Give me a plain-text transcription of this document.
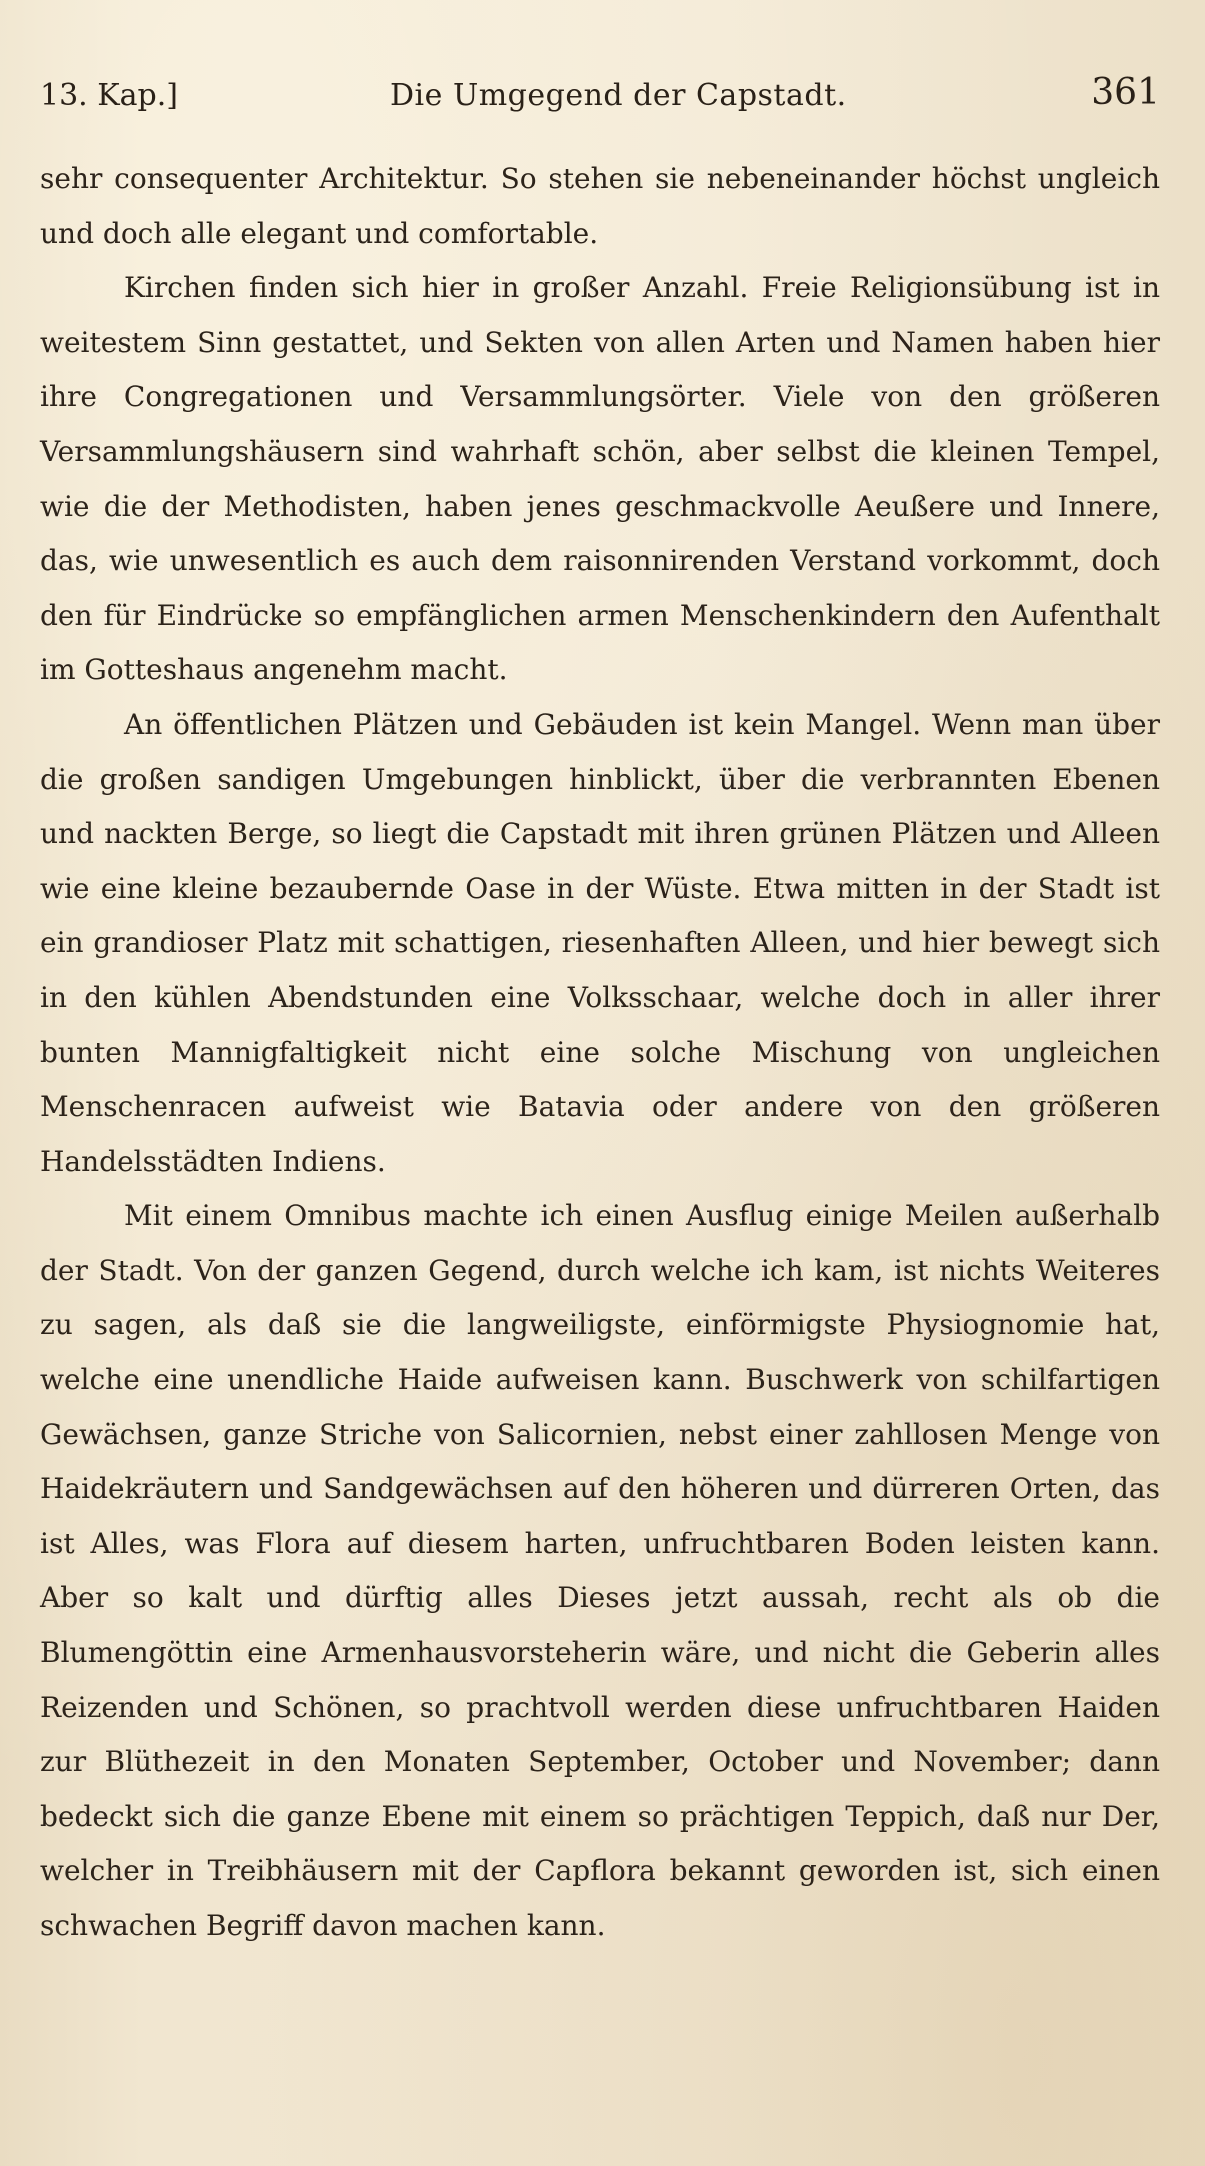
13. Kap.]	Die Umgegend der Capstadt.	361

sehr consequenter Architektur. So stehen sie nebeneinander höchst ungleich und doch alle elegant und comfortable.

Kirchen finden sich hier in großer Anzahl. Freie Religionsübung ist in weitestem Sinn gestattet, und Sekten von allen Arten und Namen haben hier ihre Congregationen und Versammlungsörter. Viele von den größeren Versammlungshäusern sind wahrhaft schön, aber selbst die kleinen Tempel, wie die der Methodisten, haben jenes geschmackvolle Aeußere und Innere, das, wie unwesentlich es auch dem raisonnirenden Verstand vorkommt, doch den für Eindrücke so empfänglichen armen Menschenkindern den Aufenthalt im Gotteshaus angenehm macht.

An öffentlichen Plätzen und Gebäuden ist kein Mangel. Wenn man über die großen sandigen Umgebungen hinblickt, über die verbrannten Ebenen und nackten Berge, so liegt die Capstadt mit ihren grünen Plätzen und Alleen wie eine kleine bezaubernde Oase in der Wüste. Etwa mitten in der Stadt ist ein grandioser Platz mit schattigen, riesenhaften Alleen, und hier bewegt sich in den kühlen Abendstunden eine Volksschaar, welche doch in aller ihrer bunten Mannigfaltigkeit nicht eine solche Mischung von ungleichen Menschenracen aufweist wie Batavia oder andere von den größeren Handelsstädten Indiens.

Mit einem Omnibus machte ich einen Ausflug einige Meilen außerhalb der Stadt. Von der ganzen Gegend, durch welche ich kam, ist nichts Weiteres zu sagen, als daß sie die langweiligste, einförmigste Physiognomie hat, welche eine unendliche Haide aufweisen kann. Buschwerk von schilfartigen Gewächsen, ganze Striche von Salicornien, nebst einer zahllosen Menge von Haidekräutern und Sandgewächsen auf den höheren und dürreren Orten, das ist Alles, was Flora auf diesem harten, unfruchtbaren Boden leisten kann. Aber so kalt und dürftig alles Dieses jetzt aussah, recht als ob die Blumengöttin eine Armenhausvorsteherin wäre, und nicht die Geberin alles Reizenden und Schönen, so prachtvoll werden diese unfruchtbaren Haiden zur Blüthezeit in den Monaten September, October und November; dann bedeckt sich die ganze Ebene mit einem so prächtigen Teppich, daß nur Der, welcher in Treibhäusern mit der Capflora bekannt geworden ist, sich einen schwachen Begriff davon machen kann.
